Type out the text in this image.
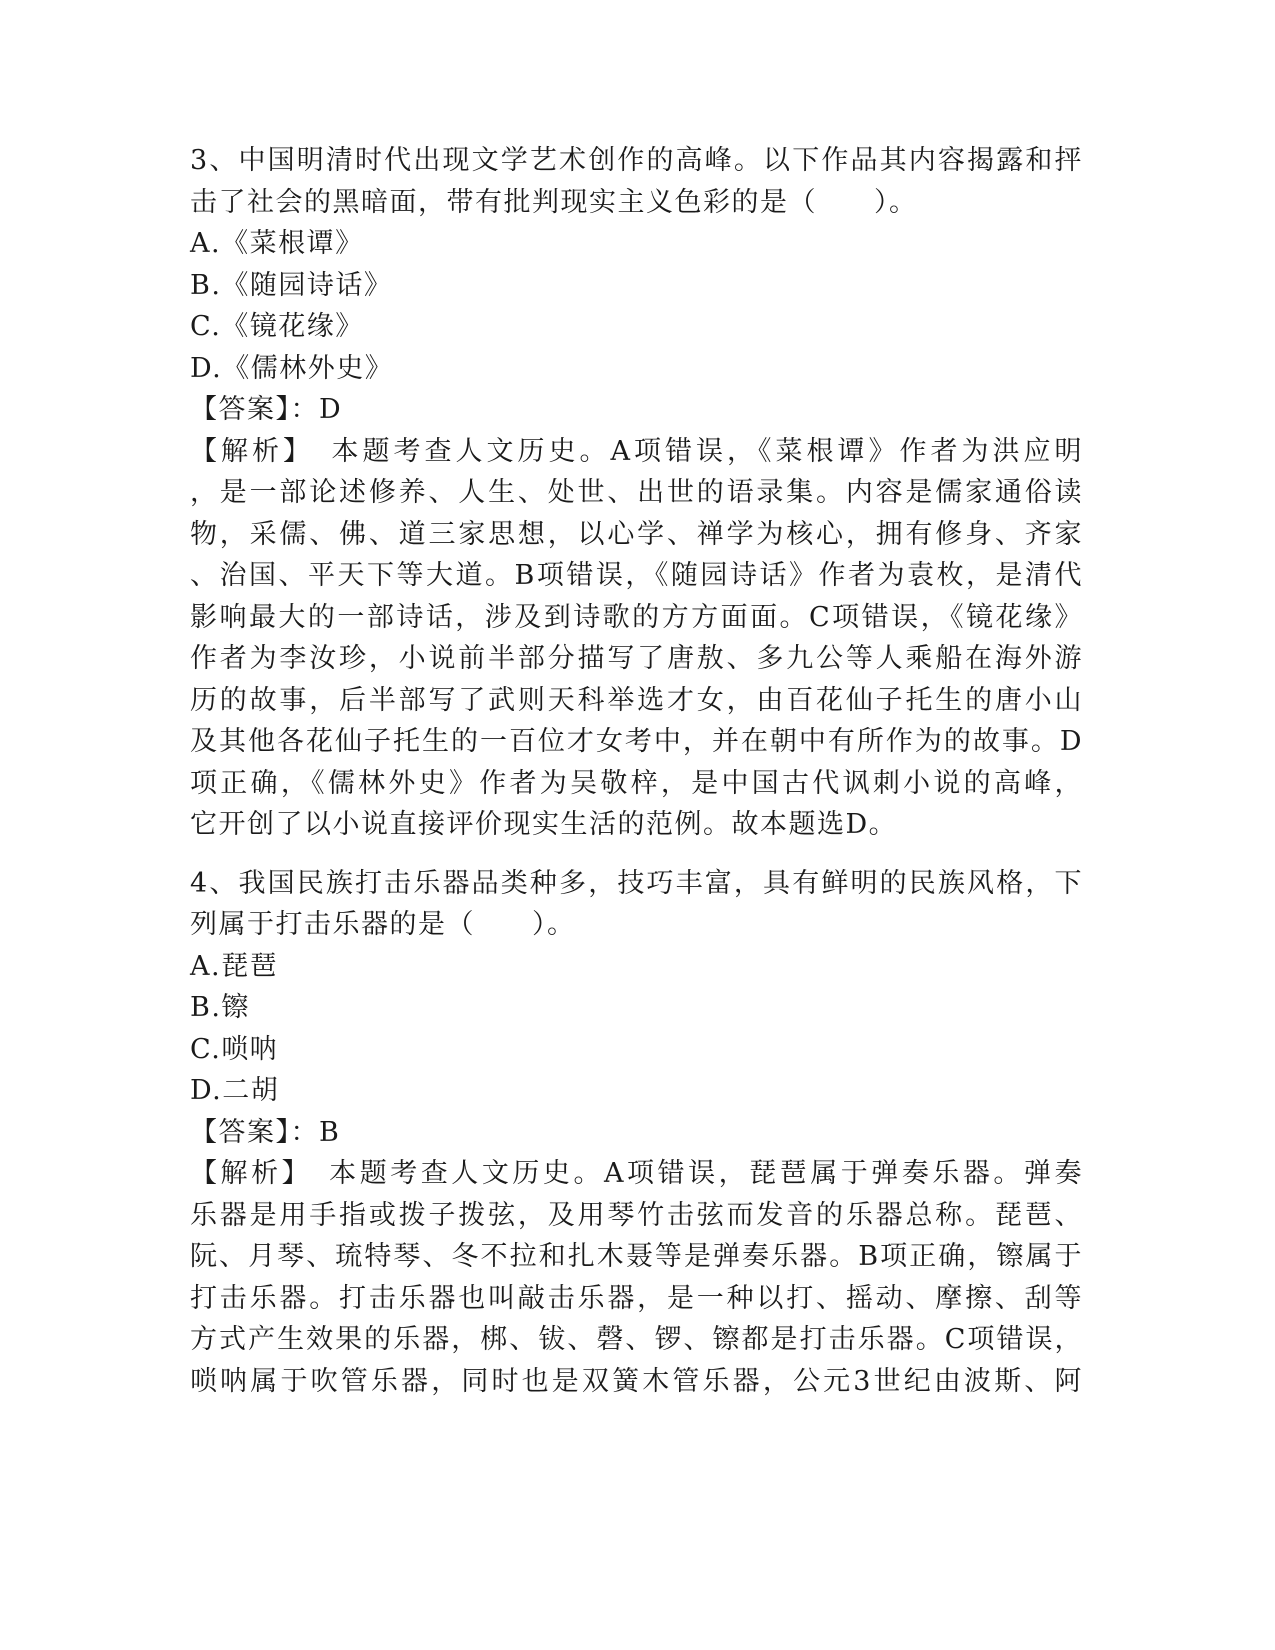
3、中国明清时代出现文学艺术创作的高峰。以下作品其内容揭露和抨
击了社会的黑暗面，带有批判现实主义色彩的是（　　）。
A.《菜根谭》
B.《随园诗话》
C.《镜花缘》
D.《儒林外史》
【答案】：D
【解析】　本题考查人文历史。A项错误，《菜根谭》作者为洪应明
，是一部论述修养、人生、处世、出世的语录集。内容是儒家通俗读
物，采儒、佛、道三家思想，以心学、禅学为核心，拥有修身、齐家
、治国、平天下等大道。B项错误，《随园诗话》作者为袁枚，是清代
影响最大的一部诗话，涉及到诗歌的方方面面。C项错误，《镜花缘》
作者为李汝珍，小说前半部分描写了唐敖、多九公等人乘船在海外游
历的故事，后半部写了武则天科举选才女，由百花仙子托生的唐小山
及其他各花仙子托生的一百位才女考中，并在朝中有所作为的故事。D
项正确，《儒林外史》作者为吴敬梓，是中国古代讽刺小说的高峰，
它开创了以小说直接评价现实生活的范例。故本题选D。
4、我国民族打击乐器品类种多，技巧丰富，具有鲜明的民族风格，下
列属于打击乐器的是（　　）。
A.琵琶
B.镲
C.唢呐
D.二胡
【答案】：B
【解析】　本题考查人文历史。A项错误，琵琶属于弹奏乐器。弹奏
乐器是用手指或拨子拨弦，及用琴竹击弦而发音的乐器总称。琵琶、
阮、月琴、琉特琴、冬不拉和扎木聂等是弹奏乐器。B项正确，镲属于
打击乐器。打击乐器也叫敲击乐器，是一种以打、摇动、摩擦、刮等
方式产生效果的乐器，梆、钹、磬、锣、镲都是打击乐器。C项错误，
唢呐属于吹管乐器，同时也是双簧木管乐器，公元3世纪由波斯、阿
